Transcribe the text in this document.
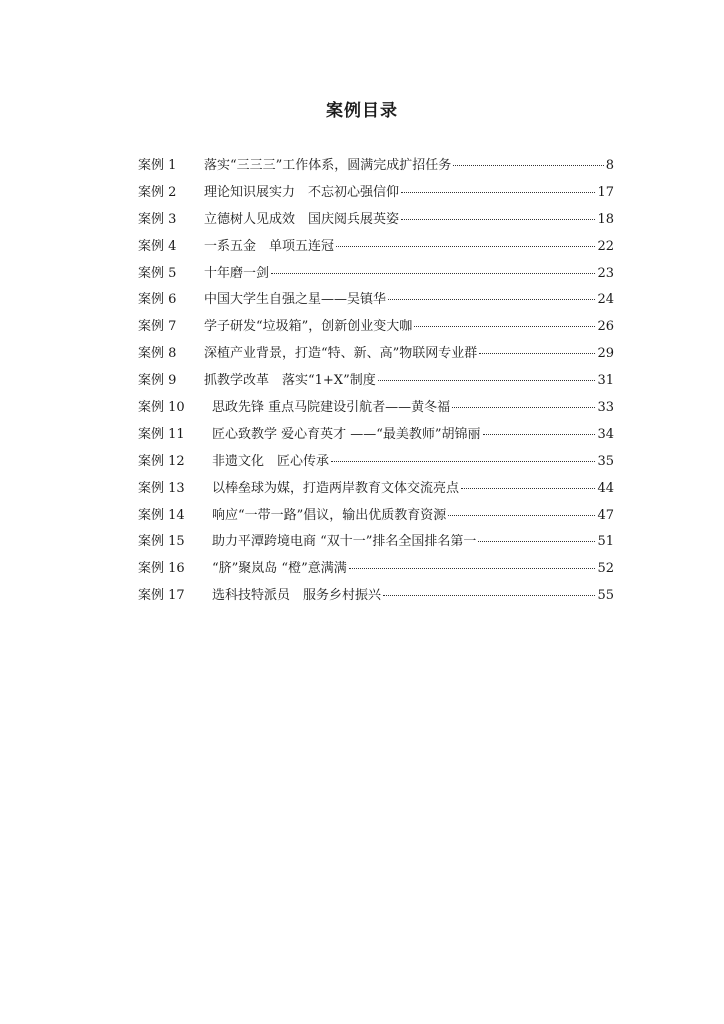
案例目录
案例 1	落实“三三三”工作体系，圆满完成扩招任务	8
案例 2	理论知识展实力　不忘初心强信仰	17
案例 3	立德树人见成效　国庆阅兵展英姿	18
案例 4	一系五金　单项五连冠	22
案例 5	十年磨一剑	23
案例 6	中国大学生自强之星——吴镇华	24
案例 7	学子研发“垃圾箱”，创新创业变大咖	26
案例 8	深植产业背景，打造“特、新、高”物联网专业群	29
案例 9	抓教学改革　落实“1+X”制度	31
案例 10	思政先锋 重点马院建设引航者——黄冬福	33
案例 11	匠心致教学 爱心育英才 ——“最美教师”胡锦丽	34
案例 12	非遗文化　匠心传承	35
案例 13	以棒垒球为媒，打造两岸教育文体交流亮点	44
案例 14	响应“一带一路”倡议，输出优质教育资源	47
案例 15	助力平潭跨境电商 “双十一”排名全国排名第一	51
案例 16	“脐”聚岚岛 “橙”意满满	52
案例 17	选科技特派员　服务乡村振兴	55
